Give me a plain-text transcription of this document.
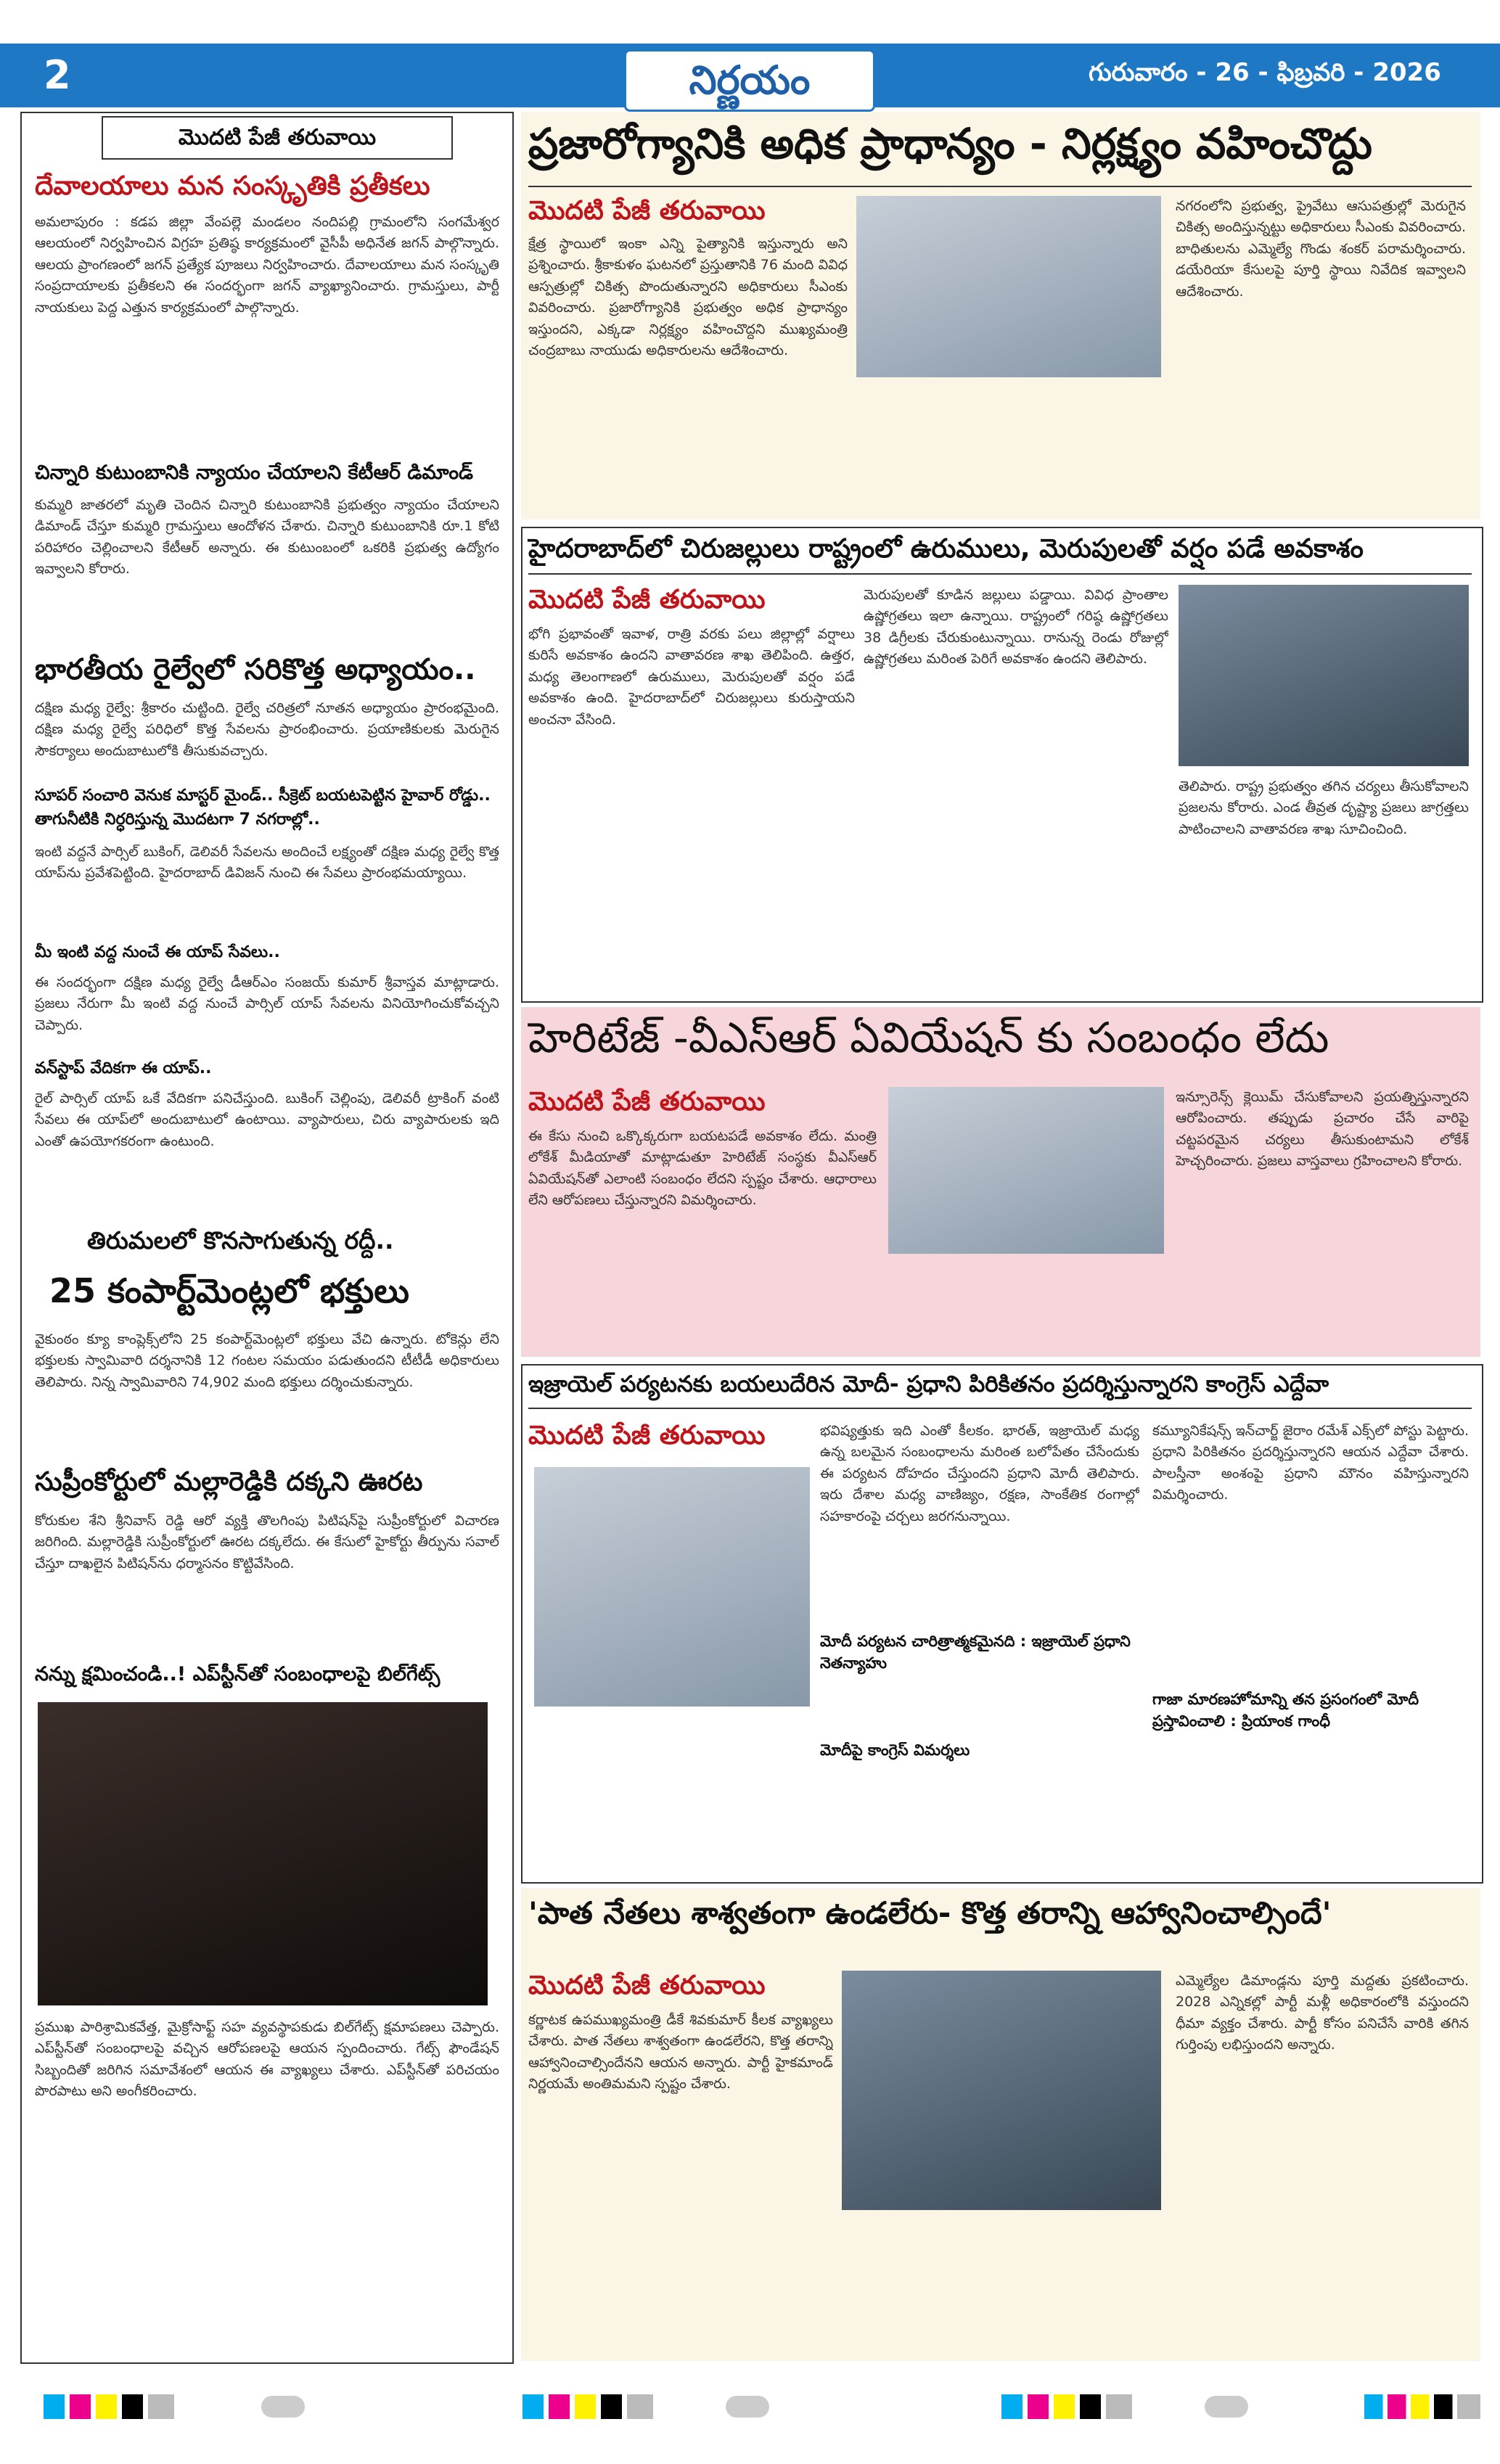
2	నిర్ణయం	గురువారం - 26 - ఫిబ్రవరి - 2026
మొదటి పేజీ తరువాయి
దేవాలయాలు మన సంస్కృతికి ప్రతీకలు
అమలాపురం : కడప జిల్లా వేంపల్లె మండలం నందిపల్లి గ్రామంలోని సంగమేశ్వర ఆలయంలో నిర్వహించిన విగ్రహ ప్రతిష్ఠ కార్యక్రమంలో వైసీపీ అధినేత జగన్ పాల్గొన్నారు. ఆలయ ప్రాంగణంలో జగన్ ప్రత్యేక పూజలు నిర్వహించారు. దేవాలయాలు మన సంస్కృతి సంప్రదాయాలకు ప్రతీకలని ఈ సందర్భంగా జగన్ వ్యాఖ్యానించారు. గ్రామస్తులు, పార్టీ నాయకులు పెద్ద ఎత్తున కార్యక్రమంలో పాల్గొన్నారు.
చిన్నారి కుటుంబానికి న్యాయం చేయాలని కేటీఆర్ డిమాండ్
కుమ్మరి జాతరలో మృతి చెందిన చిన్నారి కుటుంబానికి ప్రభుత్వం న్యాయం చేయాలని డిమాండ్ చేస్తూ కుమ్మరి గ్రామస్తులు ఆందోళన చేశారు. చిన్నారి కుటుంబానికి రూ.1 కోటి పరిహారం చెల్లించాలని కేటీఆర్ అన్నారు. ఈ కుటుంబంలో ఒకరికి ప్రభుత్వ ఉద్యోగం ఇవ్వాలని కోరారు.
భారతీయ రైల్వేలో సరికొత్త అధ్యాయం..
దక్షిణ మధ్య రైల్వే: శ్రీకారం చుట్టింది. రైల్వే చరిత్రలో నూతన అధ్యాయం ప్రారంభమైంది. దక్షిణ మధ్య రైల్వే పరిధిలో కొత్త సేవలను ప్రారంభించారు. ప్రయాణికులకు మెరుగైన సౌకర్యాలు అందుబాటులోకి తీసుకువచ్చారు.
సూపర్ సంచారి వెనుక మాస్టర్ మైండ్.. సీక్రెట్ బయటపెట్టిన హైవార్ రోడ్డు.. తాగునీటికి నిర్ధరిస్తున్న మొదటగా 7 నగరాల్లో..
ఇంటి వద్దనే పార్సిల్ బుకింగ్, డెలివరీ సేవలను అందించే లక్ష్యంతో దక్షిణ మధ్య రైల్వే కొత్త యాప్‌ను ప్రవేశపెట్టింది. హైదరాబాద్ డివిజన్ నుంచి ఈ సేవలు ప్రారంభమయ్యాయి.
మీ ఇంటి వద్ద నుంచే ఈ యాప్ సేవలు..
ఈ సందర్భంగా దక్షిణ మధ్య రైల్వే డీఆర్ఎం సంజయ్ కుమార్ శ్రీవాస్తవ మాట్లాడారు. ప్రజలు నేరుగా మీ ఇంటి వద్ద నుంచే పార్సిల్ యాప్ సేవలను వినియోగించుకోవచ్చని చెప్పారు.
వన్‌స్టాప్ వేదికగా ఈ యాప్..
రైల్ పార్సిల్ యాప్ ఒకే వేదికగా పనిచేస్తుంది. బుకింగ్ చెల్లింపు, డెలివరీ ట్రాకింగ్ వంటి సేవలు ఈ యాప్‌లో అందుబాటులో ఉంటాయి. వ్యాపారులు, చిరు వ్యాపారులకు ఇది ఎంతో ఉపయోగకరంగా ఉంటుంది.
తిరుమలలో కొనసాగుతున్న రద్దీ..
25 కంపార్ట్‌మెంట్లలో భక్తులు
వైకుంఠం క్యూ కాంప్లెక్స్‌లోని 25 కంపార్ట్‌మెంట్లలో భక్తులు వేచి ఉన్నారు. టోకెన్లు లేని భక్తులకు స్వామివారి దర్శనానికి 12 గంటల సమయం పడుతుందని టీటీడీ అధికారులు తెలిపారు. నిన్న స్వామివారిని 74,902 మంది భక్తులు దర్శించుకున్నారు.
సుప్రీంకోర్టులో మల్లారెడ్డికి దక్కని ఊరట
కోరుకుల శేని శ్రీనివాస్ రెడ్డి ఆరో వ్యక్తి తొలగింపు పిటిషన్‌పై సుప్రీంకోర్టులో విచారణ జరిగింది. మల్లారెడ్డికి సుప్రీంకోర్టులో ఊరట దక్కలేదు. ఈ కేసులో హైకోర్టు తీర్పును సవాల్ చేస్తూ దాఖలైన పిటిషన్‌ను ధర్మాసనం కొట్టివేసింది.
నన్ను క్షమించండి..! ఎప్‌స్టీన్‌తో సంబంధాలపై బిల్‌గేట్స్
ప్రముఖ పారిశ్రామికవేత్త, మైక్రోసాఫ్ట్ సహ వ్యవస్థాపకుడు బిల్‌గేట్స్ క్షమాపణలు చెప్పారు. ఎప్‌స్టీన్‌తో సంబంధాలపై వచ్చిన ఆరోపణలపై ఆయన స్పందించారు. గేట్స్ ఫౌండేషన్ సిబ్బందితో జరిగిన సమావేశంలో ఆయన ఈ వ్యాఖ్యలు చేశారు. ఎప్‌స్టీన్‌తో పరిచయం పొరపాటు అని అంగీకరించారు.
ప్రజారోగ్యానికి అధిక ప్రాధాన్యం - నిర్లక్ష్యం వహించొద్దు
మొదటి పేజీ తరువాయి
క్షేత్ర స్థాయిలో ఇంకా ఎన్ని పైత్యానికి ఇస్తున్నారు అని ప్రశ్నించారు. శ్రీకాకుళం ఘటనలో ప్రస్తుతానికి 76 మంది వివిధ ఆస్పత్రుల్లో చికిత్స పొందుతున్నారని అధికారులు సీఎంకు వివరించారు. ప్రజారోగ్యానికి ప్రభుత్వం అధిక ప్రాధాన్యం ఇస్తుందని, ఎక్కడా నిర్లక్ష్యం వహించొద్దని ముఖ్యమంత్రి చంద్రబాబు నాయుడు అధికారులను ఆదేశించారు.
నగరంలోని ప్రభుత్వ, ప్రైవేటు ఆసుపత్రుల్లో మెరుగైన చికిత్స అందిస్తున్నట్టు అధికారులు సీఎంకు వివరించారు. బాధితులను ఎమ్మెల్యే గొండు శంకర్ పరామర్శించారు. డయేరియా కేసులపై పూర్తి స్థాయి నివేదిక ఇవ్వాలని ఆదేశించారు.
హైదరాబాద్‌లో చిరుజల్లులు రాష్ట్రంలో ఉరుములు, మెరుపులతో వర్షం పడే అవకాశం
మొదటి పేజీ తరువాయి
భోగి ప్రభావంతో ఇవాళ, రాత్రి వరకు పలు జిల్లాల్లో వర్షాలు కురిసే అవకాశం ఉందని వాతావరణ శాఖ తెలిపింది. ఉత్తర, మధ్య తెలంగాణలో ఉరుములు, మెరుపులతో వర్షం పడే అవకాశం ఉంది. హైదరాబాద్‌లో చిరుజల్లులు కురుస్తాయని అంచనా వేసింది.
మెరుపులతో కూడిన జల్లులు పడ్డాయి. వివిధ ప్రాంతాల ఉష్ణోగ్రతలు ఇలా ఉన్నాయి. రాష్ట్రంలో గరిష్ఠ ఉష్ణోగ్రతలు 38 డిగ్రీలకు చేరుకుంటున్నాయి. రానున్న రెండు రోజుల్లో ఉష్ణోగ్రతలు మరింత పెరిగే అవకాశం ఉందని తెలిపారు.
తెలిపారు. రాష్ట్ర ప్రభుత్వం తగిన చర్యలు తీసుకోవాలని ప్రజలను కోరారు. ఎండ తీవ్రత దృష్ట్యా ప్రజలు జాగ్రత్తలు పాటించాలని వాతావరణ శాఖ సూచించింది.
హెరిటేజ్ -వీఎస్ఆర్ ఏవియేషన్ కు సంబంధం లేదు
మొదటి పేజీ తరువాయి
ఈ కేసు నుంచి ఒక్కొక్కరుగా బయటపడే అవకాశం లేదు. మంత్రి లోకేశ్ మీడియాతో మాట్లాడుతూ హెరిటేజ్ సంస్థకు వీఎస్ఆర్ ఏవియేషన్‌తో ఎలాంటి సంబంధం లేదని స్పష్టం చేశారు. ఆధారాలు లేని ఆరోపణలు చేస్తున్నారని విమర్శించారు.
ఇన్సూరెన్స్ క్లెయిమ్ చేసుకోవాలని ప్రయత్నిస్తున్నారని ఆరోపించారు. తప్పుడు ప్రచారం చేసే వారిపై చట్టపరమైన చర్యలు తీసుకుంటామని లోకేశ్ హెచ్చరించారు. ప్రజలు వాస్తవాలు గ్రహించాలని కోరారు.
ఇజ్రాయెల్ పర్యటనకు బయలుదేరిన మోదీ- ప్రధాని పిరికితనం ప్రదర్శిస్తున్నారని కాంగ్రెస్ ఎద్దేవా
మొదటి పేజీ తరువాయి	భవిష్యత్తుకు ఇది ఎంతో కీలకం. భారత్, ఇజ్రాయెల్ మధ్య ఉన్న బలమైన సంబంధాలను మరింత బలోపేతం చేసేందుకు ఈ పర్యటన దోహదం చేస్తుందని ప్రధాని మోదీ తెలిపారు. ఇరు దేశాల మధ్య వాణిజ్యం, రక్షణ, సాంకేతిక రంగాల్లో సహకారంపై చర్చలు జరగనున్నాయి.
మోదీ పర్యటన చారిత్రాత్మకమైనది : ఇజ్రాయెల్ ప్రధాని నెతన్యాహు
మోదీపై కాంగ్రెస్ విమర్శలు
కమ్యూనికేషన్స్ ఇన్‌చార్జ్ జైరాం రమేశ్ ఎక్స్‌లో పోస్టు పెట్టారు. ప్రధాని పిరికితనం ప్రదర్శిస్తున్నారని ఆయన ఎద్దేవా చేశారు. పాలస్తీనా అంశంపై ప్రధాని మౌనం వహిస్తున్నారని విమర్శించారు.
గాజా మారణహోమాన్ని తన ప్రసంగంలో మోదీ ప్రస్తావించాలి : ప్రియాంక గాంధీ
'పాత నేతలు శాశ్వతంగా ఉండలేరు- కొత్త తరాన్ని ఆహ్వానించాల్సిందే'
మొదటి పేజీ తరువాయి
కర్ణాటక ఉపముఖ్యమంత్రి డీకే శివకుమార్ కీలక వ్యాఖ్యలు చేశారు. పాత నేతలు శాశ్వతంగా ఉండలేరని, కొత్త తరాన్ని ఆహ్వానించాల్సిందేనని ఆయన అన్నారు. పార్టీ హైకమాండ్ నిర్ణయమే అంతిమమని స్పష్టం చేశారు.
ఎమ్మెల్యేల డిమాండ్లను పూర్తి మద్దతు ప్రకటించారు. 2028 ఎన్నికల్లో పార్టీ మళ్లీ అధికారంలోకి వస్తుందని ధీమా వ్యక్తం చేశారు. పార్టీ కోసం పనిచేసే వారికి తగిన గుర్తింపు లభిస్తుందని అన్నారు.
